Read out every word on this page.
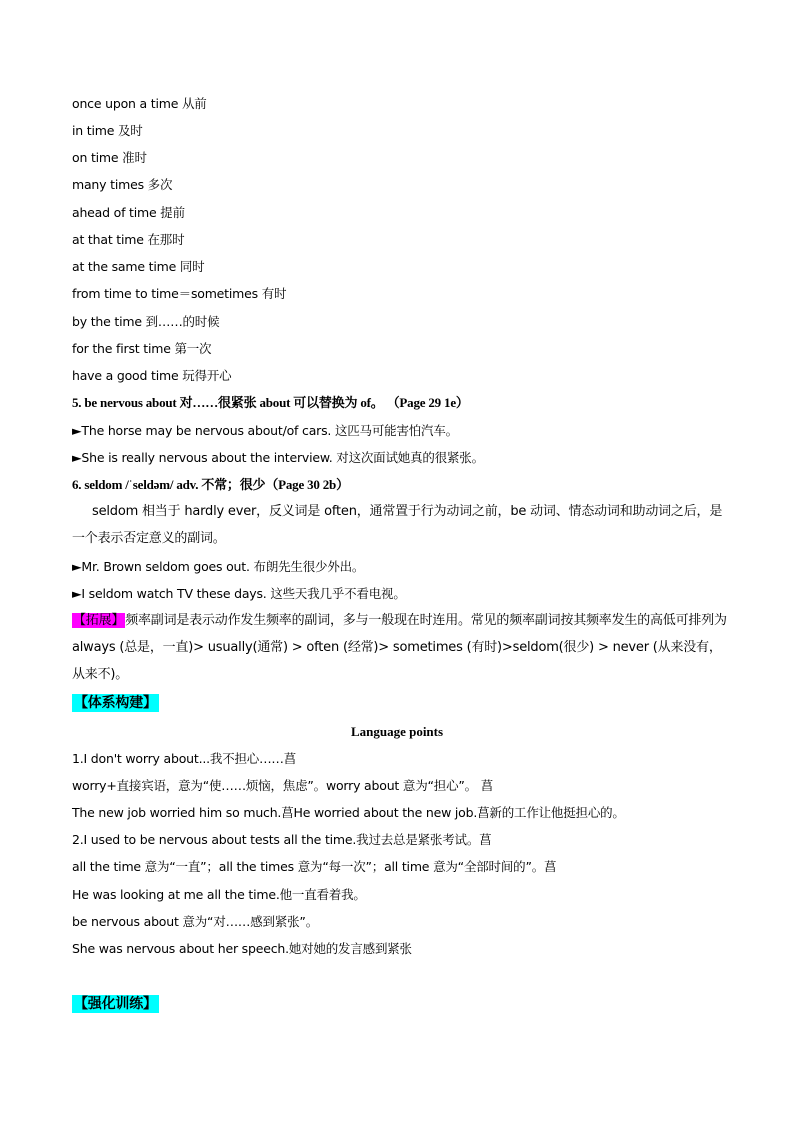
once upon a time 从前
in time 及时
on time 准时
many times 多次
ahead of time 提前
at that time 在那时
at the same time 同时
from time to time＝sometimes 有时
by the time 到……的时候
for the first time 第一次
have a good time 玩得开心
5. be nervous about 对……很紧张 about 可以替换为 of。 （Page 29 1e）
►The horse may be nervous about/of cars. 这匹马可能害怕汽车。
►She is really nervous about the interview. 对这次面试她真的很紧张。
6. seldom /ˈseldəm/ adv. 不常；很少（Page 30 2b）
seldom 相当于 hardly ever，反义词是 often，通常置于行为动词之前，be 动词、情态动词和助动词之后，是一个表示否定意义的副词。
►Mr. Brown seldom goes out. 布朗先生很少外出。
►I seldom watch TV these days. 这些天我几乎不看电视。
【拓展】频率副词是表示动作发生频率的副词，多与一般现在时连用。常见的频率副词按其频率发生的高低可排列为 always (总是，一直)> usually(通常) > often (经常)> sometimes (有时)>seldom(很少) > never (从来没有，从来不)。
【体系构建】
Language points
1.I don't worry about...我不担心……菖
worry+直接宾语，意为“使……烦恼，焦虑”。worry about 意为“担心”。 菖
The new job worried him so much.菖He worried about the new job.菖新的工作让他挺担心的。
2.I used to be nervous about tests all the time.我过去总是紧张考试。菖
all the time 意为“一直”；all the times 意为“每一次”；all time 意为“全部时间的”。菖
He was looking at me all the time.他一直看着我。
be nervous about 意为“对……感到紧张”。
She was nervous about her speech.她对她的发言感到紧张
【强化训练】
